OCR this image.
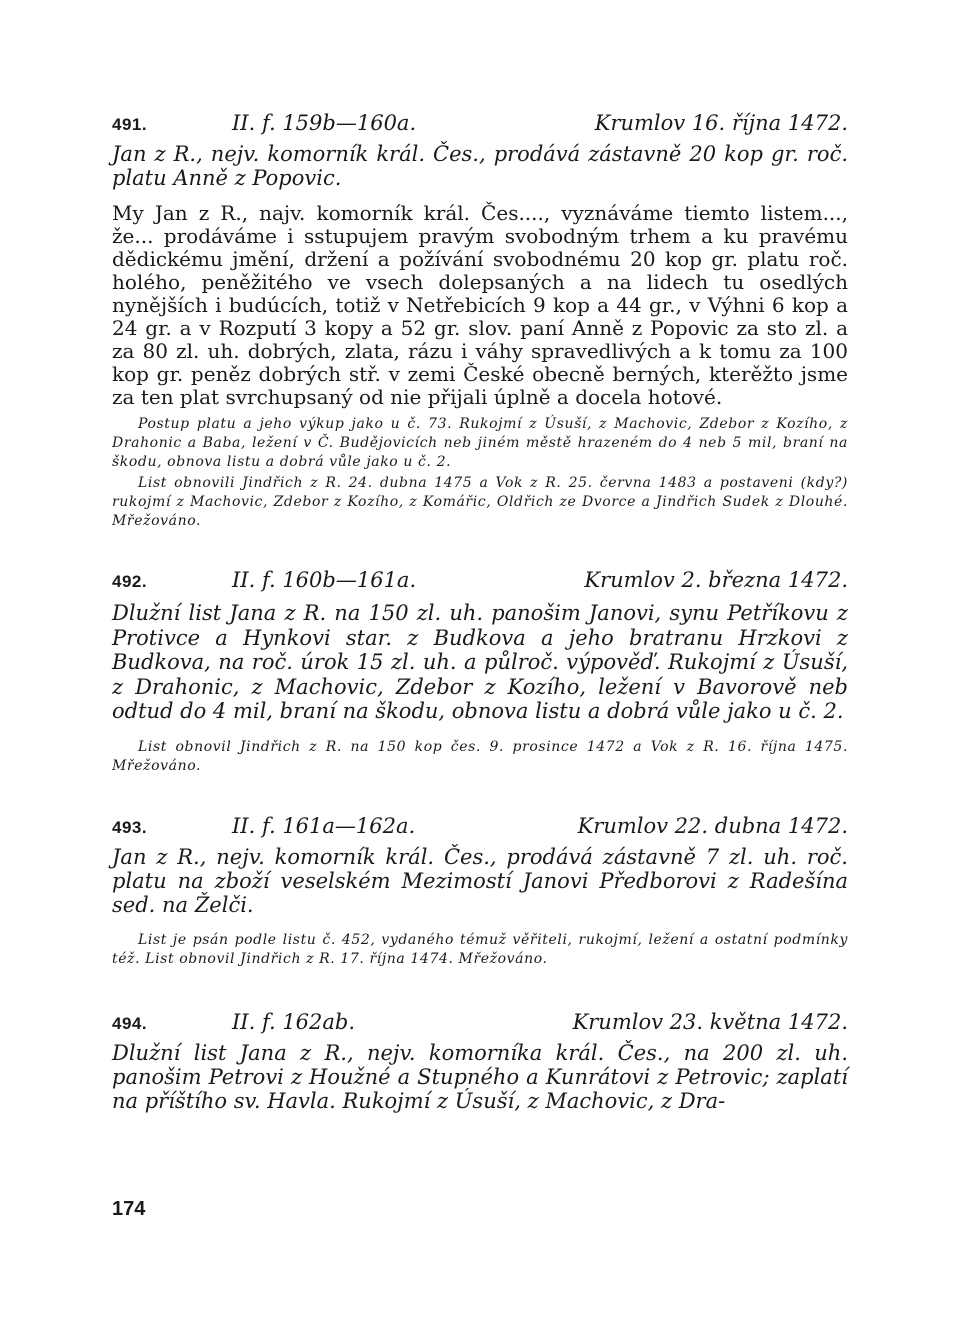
491.	II. f. 159b—160a.	Krumlov 16. října 1472.

Jan z R., nejv. komorník král. Čes., prodává zástavně 20 kop gr. roč. platu Anně z Popovic.

My Jan z R., najv. komorník král. Čes...., vyznáváme tiemto listem..., že... prodáváme i sstupujem pravým svobodným trhem a ku pravému dědickému jmění, držení a požívání svobodnému 20 kop gr. platu roč. holého, peněžitého ve vsech dolepsaných a na lidech tu osedlých nynějších i budúcích, totiž v Netřebicích 9 kop a 44 gr., v Výhni 6 kop a 24 gr. a v Rozputí 3 kopy a 52 gr. slov. paní Anně z Popovic za sto zl. a za 80 zl. uh. dobrých, zlata, rázu i váhy spravedlivých a k tomu za 100 kop gr. peněz dobrých stř. v zemi České obecně berných, kterěžto jsme za ten plat svrchupsaný od nie přijali úplně a docela hotové.

Postup platu a jeho výkup jako u č. 73. Rukojmí z Úsuší, z Machovic, Zdebor z Kozího, z Drahonic a Baba, ležení v Č. Budějovicích neb jiném městě hrazeném do 4 neb 5 mil, braní na škodu, obnova listu a dobrá vůle jako u č. 2.

List obnovili Jindřich z R. 24. dubna 1475 a Vok z R. 25. června 1483 a postaveni (kdy?) rukojmí z Machovic, Zdebor z Kozího, z Komářic, Oldřich ze Dvorce a Jindřich Sudek z Dlouhé. Mřežováno.

492.	II. f. 160b—161a.	Krumlov 2. března 1472.

Dlužní list Jana z R. na 150 zl. uh. panošim Janovi, synu Petříkovu z Protivce a Hynkovi star. z Budkova a jeho bratranu Hrzkovi z Budkova, na roč. úrok 15 zl. uh. a půlroč. výpověď. Rukojmí z Úsuší, z Drahonic, z Machovic, Zdebor z Kozího, ležení v Bavorově neb odtud do 4 mil, braní na škodu, obnova listu a dobrá vůle jako u č. 2.

List obnovil Jindřich z R. na 150 kop čes. 9. prosince 1472 a Vok z R. 16. října 1475. Mřežováno.

493.	II. f. 161a—162a.	Krumlov 22. dubna 1472.

Jan z R., nejv. komorník král. Čes., prodává zástavně 7 zl. uh. roč. platu na zboží veselském Mezimostí Janovi Předborovi z Radešína sed. na Želči.

List je psán podle listu č. 452, vydaného témuž věřiteli, rukojmí, ležení a ostatní podmínky též. List obnovil Jindřich z R. 17. října 1474. Mřežováno.

494.	II. f. 162ab.	Krumlov 23. května 1472.

Dlužní list Jana z R., nejv. komorníka král. Čes., na 200 zl. uh. panošim Petrovi z Houžné a Stupného a Kunrátovi z Petrovic; zaplatí na příštího sv. Havla. Rukojmí z Úsuší, z Machovic, z Dra-

174
